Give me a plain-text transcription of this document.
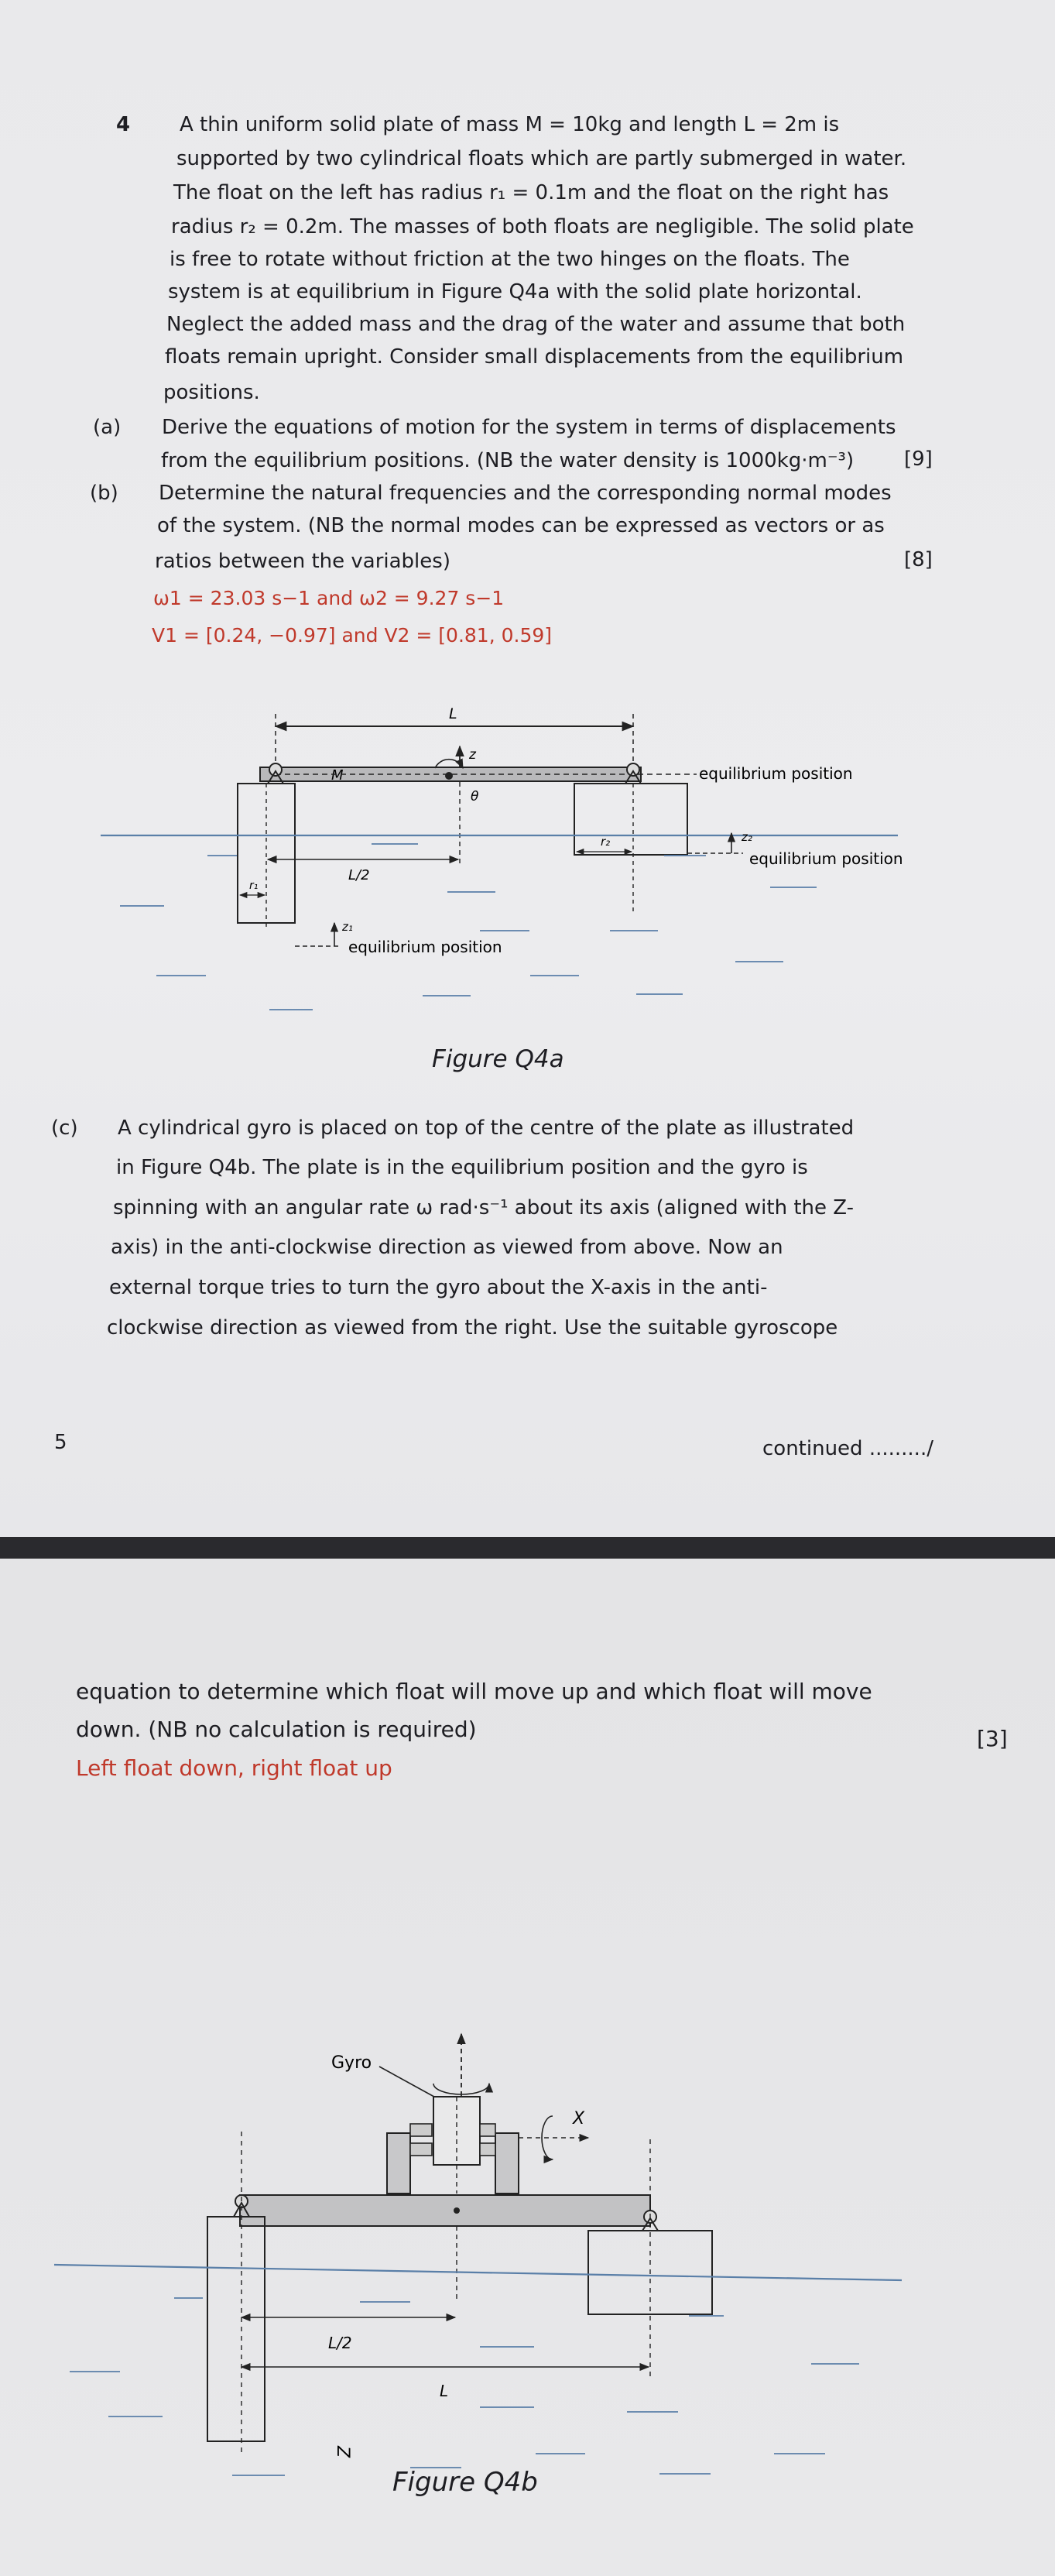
4 A thin uniform solid plate of mass M = 10kg and length L = 2m is
supported by two cylindrical floats which are partly submerged in water.
The float on the left has radius r₁ = 0.1m and the float on the right has
radius r₂ = 0.2m. The masses of both floats are negligible. The solid plate
is free to rotate without friction at the two hinges on the floats. The
system is at equilibrium in Figure Q4a with the solid plate horizontal.
Neglect the added mass and the drag of the water and assume that both
floats remain upright. Consider small displacements from the equilibrium
positions.
(a) Derive the equations of motion for the system in terms of displacements
from the equilibrium positions. (NB the water density is 1000kg·m⁻³) [9]
(b) Determine the natural frequencies and the corresponding normal modes
of the system. (NB the normal modes can be expressed as vectors or as
ratios between the variables)	[8]
ω1 = 23.03 s−1 and ω2 = 9.27 s−1
V1 = [0.24, −0.97] and V2 = [0.81, 0.59]
L
z
M	equilibrium position
θ
r₁
r₂
L/2
z₂
equilibrium position
z₁
equilibrium position
Figure Q4a
(c) A cylindrical gyro is placed on top of the centre of the plate as illustrated
in Figure Q4b. The plate is in the equilibrium position and the gyro is
spinning with an angular rate ω rad·s⁻¹ about its axis (aligned with the Z-
axis) in the anti-clockwise direction as viewed from above. Now an
external torque tries to turn the gyro about the X-axis in the anti-
clockwise direction as viewed from the right. Use the suitable gyroscope
5	continued ........./
equation to determine which float will move up and which float will move
down. (NB no calculation is required)	[3]
Left float down, right float up
Z
Gyro
X
L/2
L
Figure Q4b
